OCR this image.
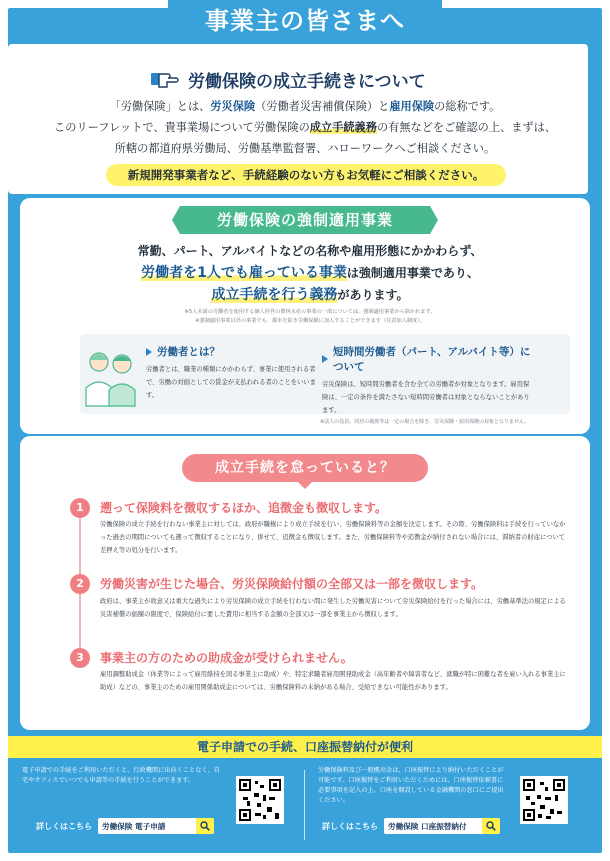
事業主の皆さまへ
労働保険の成立手続きについて
「労働保険」とは、労災保険（労働者災害補償保険）と雇用保険の総称です。
このリーフレットで、貴事業場について労働保険の成立手続義務の有無などをご確認の上、まずは、
所轄の都道府県労働局、労働基準監督署、ハローワークへご相談ください。
新規開発事業者など、手続経験のない方もお気軽にご相談ください。
労働保険の強制適用事業
常勤、パート、アルバイトなどの名称や雇用形態にかかわらず、
労働者を1人でも雇っている事業は強制適用事業であり、
成立手続を行う義務があります。
※5人未満の労働者を使用する個人経営の農林水産の事業の一部については、強制適用事業から除かれます。
※強制適用事業以外の事業でも、都市を除き労働保険に加入することができます（任意加入制度）。
労働者とは？
労働者とは、職業の種類にかかわらず、事業に使用される者で、労働の対価としての賃金が支払われる者のことをいいます。
短時間労働者（パート、アルバイト等）について
労災保険は、短時間労働者を含む全ての労働者が対象となります。雇用保険は、一定の条件を満たさない短時間労働者は対象とならないことがあります。
※法人の役員、同居の親族等は一定の場合を除き、労災保険・雇用保険の対象となりません。
成立手続を怠っていると？
1	遡って保険料を徴収するほか、追徴金も徴収します。
労働保険の成立手続を行わない事業主に対しては、政府が職権により成立手続を行い、労働保険料等の金額を決定します。その際、労働保険料は手続を行っていなかった過去の期間についても遡って徴収することになり、併せて、追徴金も徴収します。また、労働保険料等や追徴金が納付されない場合には、滞納者の財産について差押え等の処分を行います。
2	労働災害が生じた場合、労災保険給付額の全部又は一部を徴収します。
政府は、事業主が故意又は重大な過失により労災保険の成立手続を行わない間に発生した労働災害について労災保険給付を行った場合には、労働基準法の規定による災害補償の価額の限度で、保険給付に要した費用に相当する金額の全部又は一部を事業主から徴収します。
3	事業主の方のための助成金が受けられません。
雇用調整助成金（休業等によって雇用維持を図る事業主に助成）や、特定求職者雇用開発助成金（高年齢者や障害者など、就職が特に困難な者を雇い入れる事業主に助成）などの、事業主のための雇用関係助成金については、労働保険料の未納がある場合、受給できない可能性があります。
電子申請での手続、口座振替納付が便利
電子申請での手続をご利用いただくと、行政機関に出向くことなく、自宅やオフィスでいつでも申請等の手続を行うことができます。
詳しくはこちら 労働保険 電子申請
労働保険料及び一般拠出金は、口座振替により納付いただくことが可能です。口座振替をご利用いただくためには、口座振替依頼書に必要事項を記入の上、口座を開設している金融機関の窓口にご提出ください。
詳しくはこちら 労働保険 口座振替納付
